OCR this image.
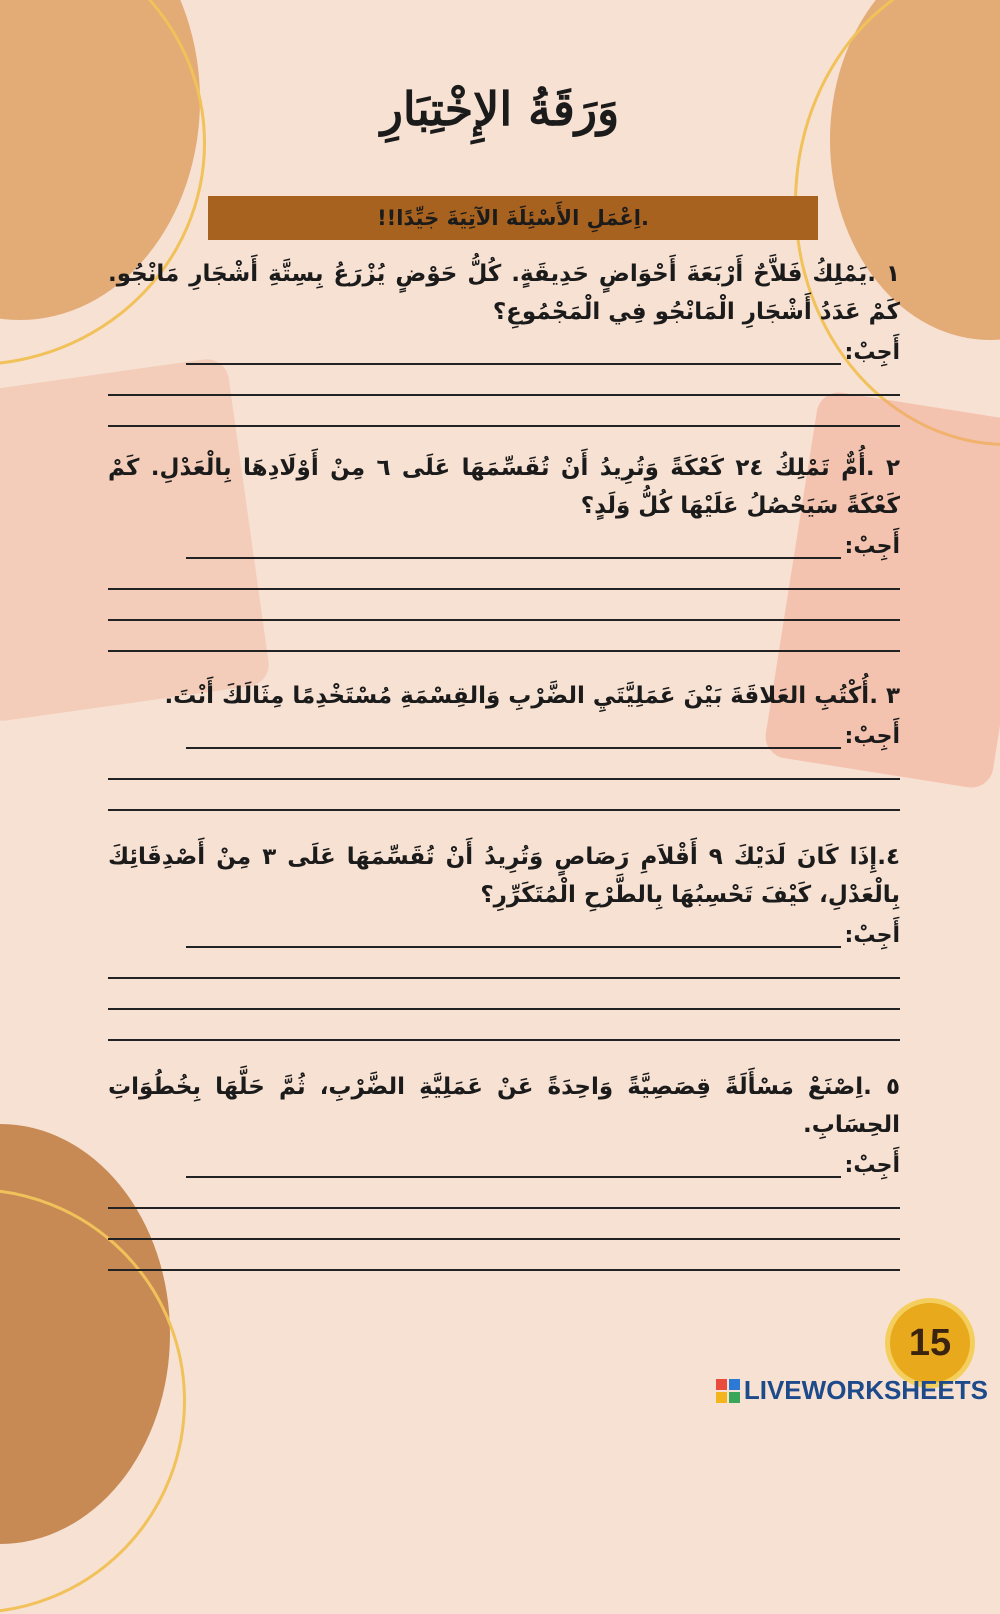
وَرَقَةُ الإِخْتِبَارِ
.اِعْمَلِ الأَسْئِلَةَ الآتِيَةَ جَيِّدًا!!
١ .يَمْلِكُ فَلاَّحٌ أَرْبَعَةَ أَحْوَاضٍ حَدِيقَةٍ. كُلُّ حَوْضٍ يُزْرَعُ بِسِتَّةِ أَشْجَارِ مَانْجُو. كَمْ عَدَدُ أَشْجَارِ الْمَانْجُو فِي الْمَجْمُوعِ؟
أَجِبْ:
٢ .أُمٌّ تَمْلِكُ ٢٤ كَعْكَةً وَتُرِيدُ أَنْ تُقَسِّمَهَا عَلَى ٦ مِنْ أَوْلَادِهَا بِالْعَدْلِ. كَمْ كَعْكَةً سَيَحْصُلُ عَلَيْهَا كُلُّ وَلَدٍ؟
أَجِبْ:
٣ .أُكْتُبِ العَلاقَةَ بَيْنَ عَمَلِيَّتَيِ الضَّرْبِ وَالقِسْمَةِ مُسْتَخْدِمًا مِثَالَكَ أَنْتَ.
أَجِبْ:
٤.إِذَا كَانَ لَدَيْكَ ٩ أَقْلاَمِ رَصَاصٍ وَتُرِيدُ أَنْ تُقَسِّمَهَا عَلَى ٣ مِنْ أَصْدِقَائِكَ بِالْعَدْلِ، كَيْفَ تَحْسِبُهَا بِالطَّرْحِ الْمُتَكَرِّرِ؟
أَجِبْ:
٥ .اِصْنَعْ مَسْأَلَةً قِصَصِيَّةً وَاحِدَةً عَنْ عَمَلِيَّةِ الضَّرْبِ، ثُمَّ حَلَّهَا بِخُطُوَاتِ الحِسَابِ.
أَجِبْ:
15
LIVEWORKSHEETS
